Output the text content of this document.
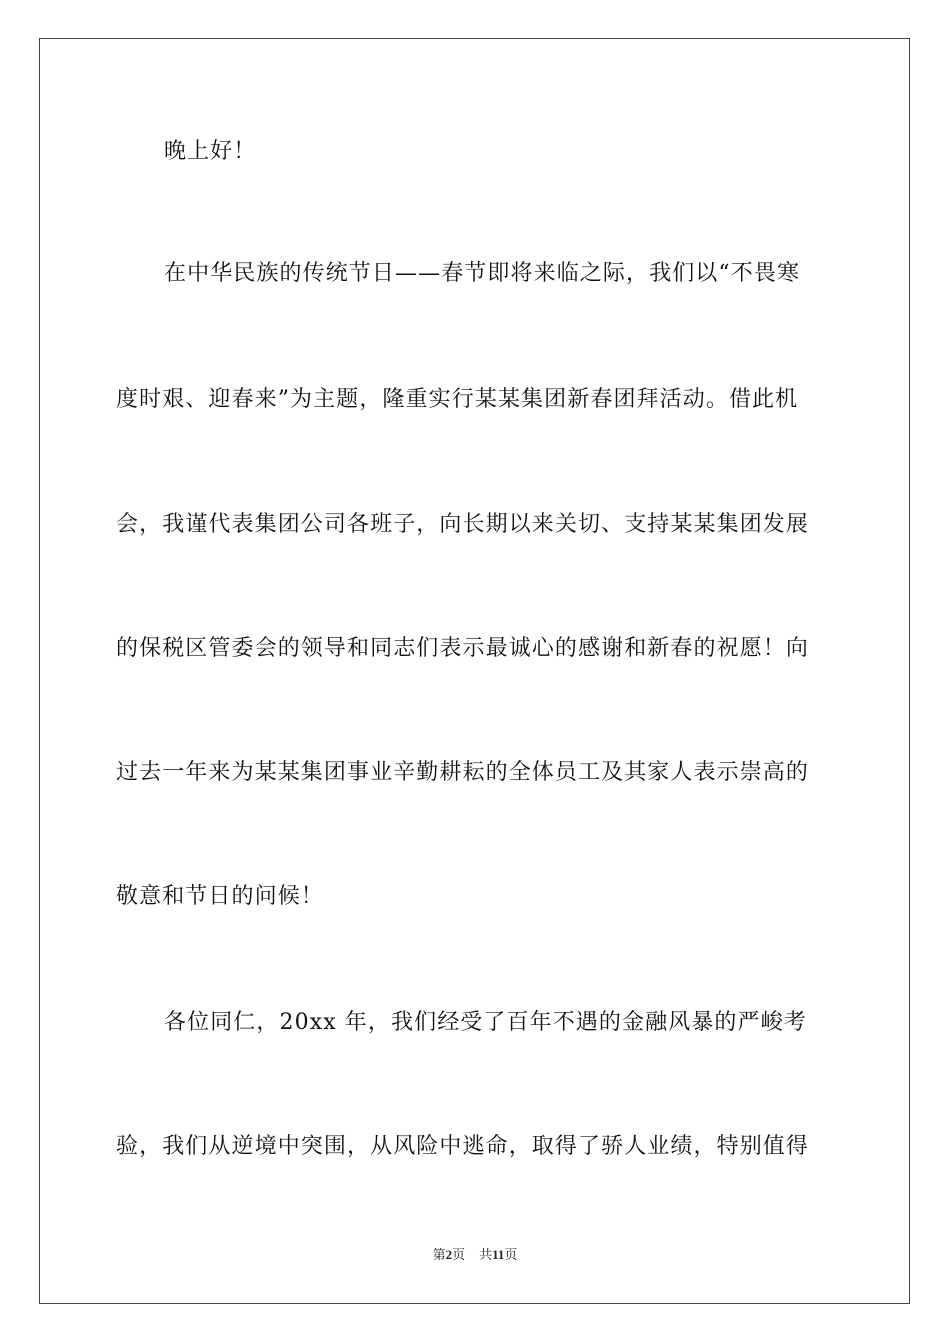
晚上好！
在中华民族的传统节日——春节即将来临之际，我们以“不畏寒
度时艰、迎春来”为主题，隆重实行某某集团新春团拜活动。借此机
会，我谨代表集团公司各班子，向长期以来关切、支持某某集团发展
的保税区管委会的领导和同志们表示最诚心的感谢和新春的祝愿！向
过去一年来为某某集团事业辛勤耕耘的全体员工及其家人表示崇高的
敬意和节日的问候！
各位同仁，20xx 年，我们经受了百年不遇的金融风暴的严峻考
验，我们从逆境中突围，从风险中逃命，取得了骄人业绩，特别值得
第2页 共11页
